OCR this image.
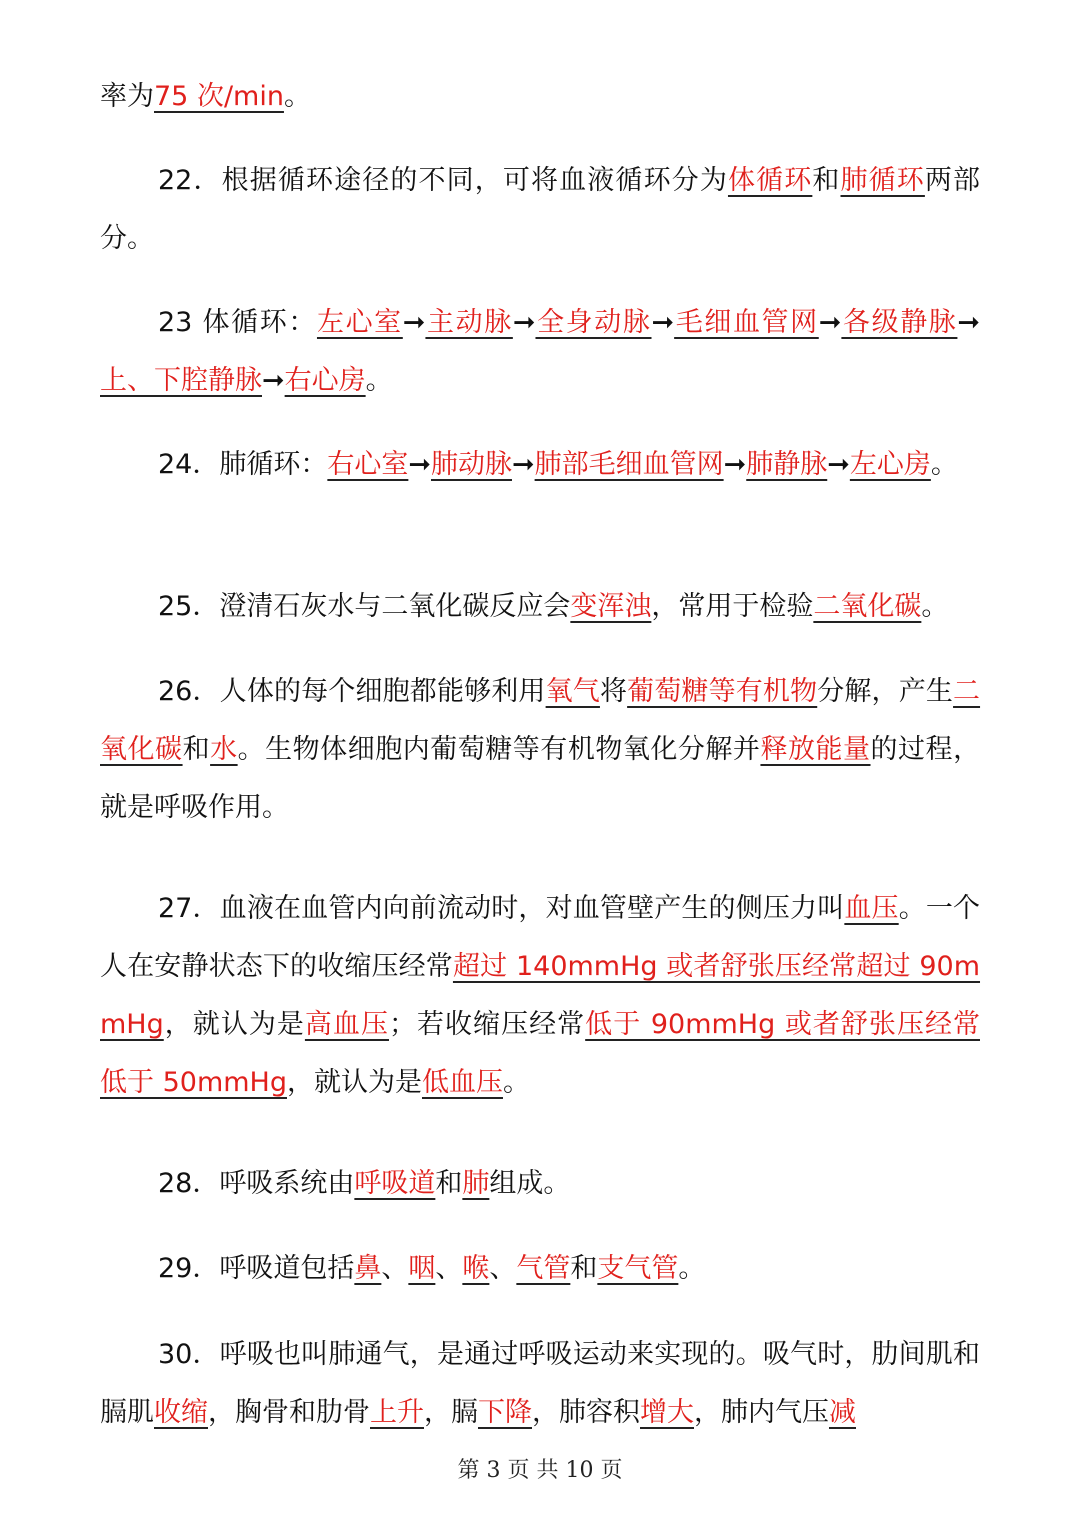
率为75 次/min。

22．根据循环途径的不同，可将血液循环分为体循环和肺循环两部分。

23 体循环：左心室➞主动脉➞全身动脉➞毛细血管网➞各级静脉➞上、下腔静脉➞右心房。

24．肺循环：右心室➞肺动脉➞肺部毛细血管网➞肺静脉➞左心房。

25．澄清石灰水与二氧化碳反应会变浑浊，常用于检验二氧化碳。

26．人体的每个细胞都能够利用氧气将葡萄糖等有机物分解，产生二氧化碳和水。生物体细胞内葡萄糖等有机物氧化分解并释放能量的过程，就是呼吸作用。

27．血液在血管内向前流动时，对血管壁产生的侧压力叫血压。一个人在安静状态下的收缩压经常超过 140mmHg 或者舒张压经常超过 90mmHg，就认为是高血压；若收缩压经常低于 90mmHg 或者舒张压经常低于 50mmHg，就认为是低血压。

28．呼吸系统由呼吸道和肺组成。

29．呼吸道包括鼻、咽、喉、气管和支气管。

30．呼吸也叫肺通气，是通过呼吸运动来实现的。吸气时，肋间肌和膈肌收缩，胸骨和肋骨上升，膈下降，肺容积增大，肺内气压减

第 3 页 共 10 页
